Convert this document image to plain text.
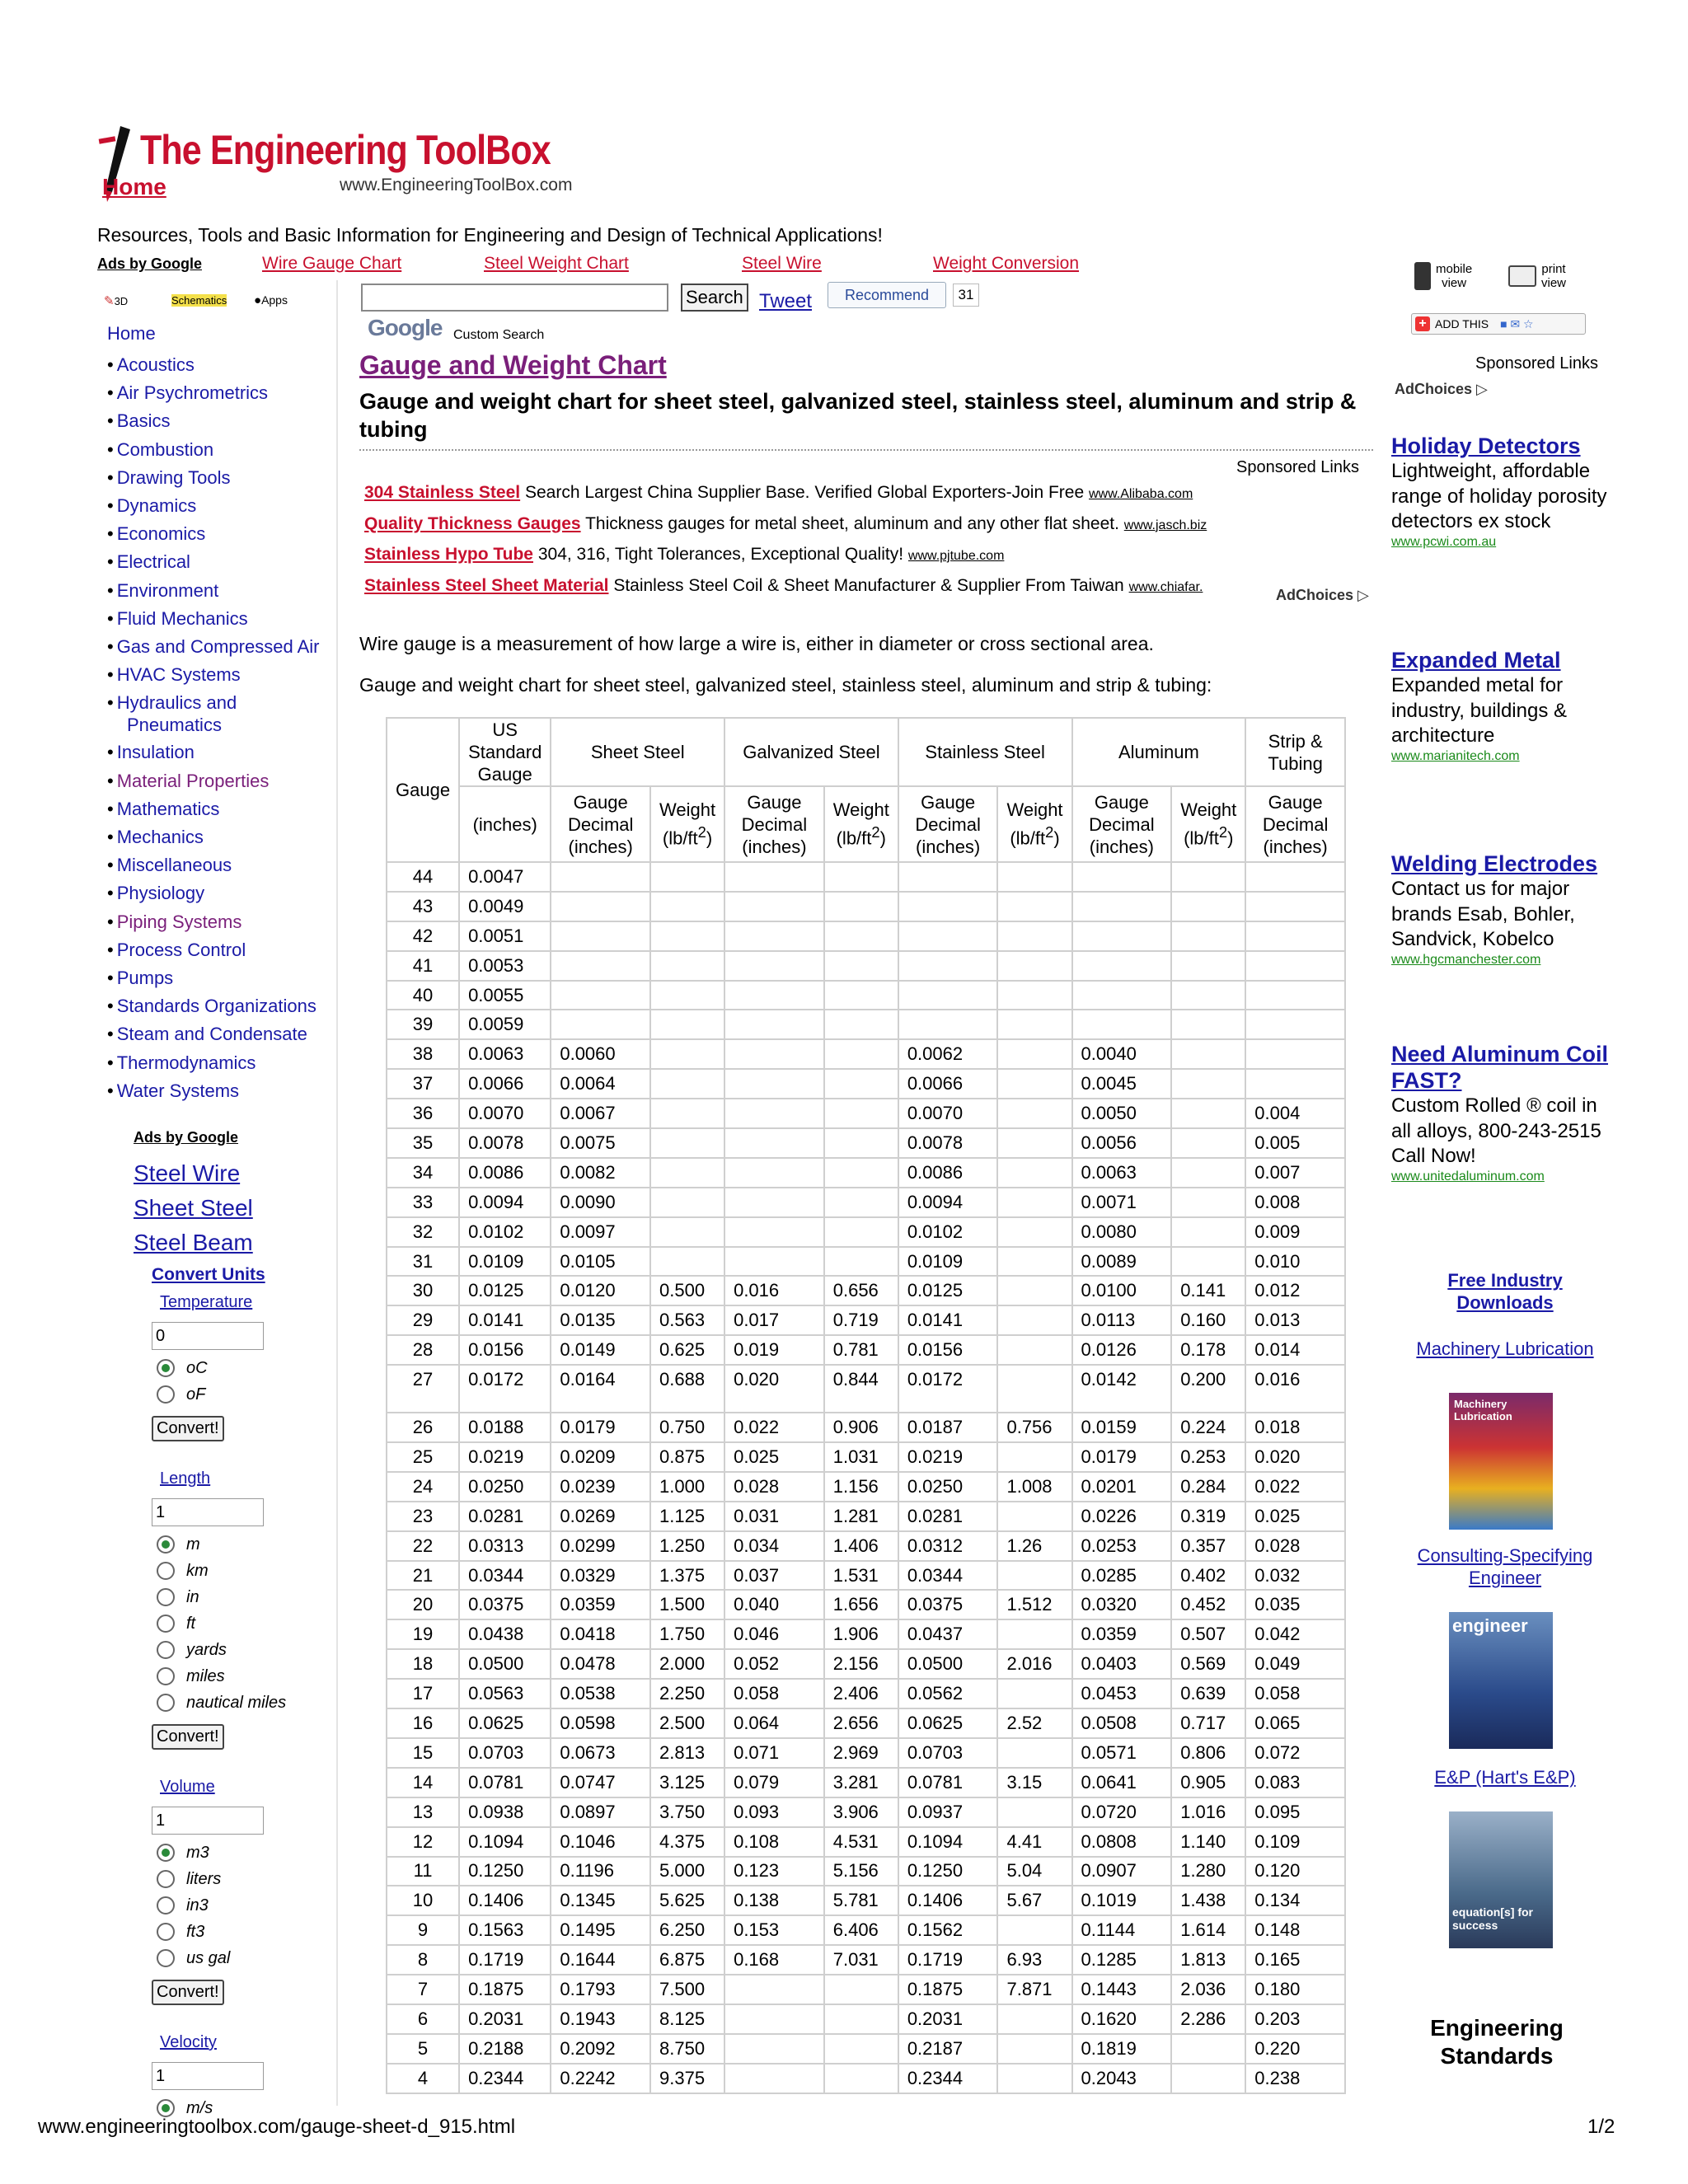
The Engineering ToolBox
Home	www.EngineeringToolBox.com
Resources, Tools and Basic Information for Engineering and Design of Technical Applications!
Ads by Google	Wire Gauge Chart	Steel Weight Chart	Steel Wire	Weight Conversion	mobile
view
print
view
+ ADD THIS ■ ✉ ☆
✎3D	Schematics ●Apps
Home
• Acoustics
• Air Psychrometrics
• Basics
• Combustion
• Drawing Tools
• Dynamics
• Economics
• Electrical
• Environment
• Fluid Mechanics
• Gas and Compressed Air
• HVAC Systems
• Hydraulics and
Pneumatics
• Insulation
• Material Properties
• Mathematics
• Mechanics
• Miscellaneous
• Physiology
• Piping Systems
• Process Control
• Pumps
• Standards Organizations
• Steam and Condensate
• Thermodynamics
• Water Systems
Ads by Google
Steel Wire
Sheet Steel
Steel Beam
Convert Units
Temperature
0
oC
oF
Convert!
Length
1
m
km
in
ft
yards
miles
nautical miles
Convert!
Volume
1
m3
liters
in3
ft3
us gal
Convert!
Velocity
1
m/s
Search Tweet	Recommend	31
Google Custom Search
Gauge and Weight Chart
Gauge and weight chart for sheet steel, galvanized steel, stainless steel, aluminum and strip & tubing
Sponsored Links
304 Stainless Steel Search Largest China Supplier Base. Verified Global Exporters-Join Free www.Alibaba.com
Quality Thickness Gauges Thickness gauges for metal sheet, aluminum and any other flat sheet. www.jasch.biz
Stainless Hypo Tube 304, 316, Tight Tolerances, Exceptional Quality! www.pjtube.com
Stainless Steel Sheet Material Stainless Steel Coil & Sheet Manufacturer & Supplier From Taiwan www.chiafar.	AdChoices ▷
Wire gauge is a measurement of how large a wire is, either in diameter or cross sectional area.
Gauge and weight chart for sheet steel, galvanized steel, stainless steel, aluminum and strip & tubing:
Gauge	US Standard Gauge	Sheet Steel		Galvanized Steel		Stainless Steel		Aluminum		Strip & Tubing
	(inches)	Gauge Decimal (inches)	Weight
$(lb/ft^2)$	Gauge Decimal (inches)	Weight
$(lb/ft^2)$	Gauge Decimal (inches)	Weight
$(lb/ft^2)$	Gauge Decimal (inches)	Weight
$(lb/ft^2)$	Gauge Decimal (inches)
44	0.0047									
43	0.0049									
42	0.0051									
41	0.0053									
40	0.0055									
39	0.0059									
38	0.0063	0.0060				0.0062		0.0040		
37	0.0066	0.0064				0.0066		0.0045		
36	0.0070	0.0067				0.0070		0.0050		0.004
35	0.0078	0.0075				0.0078		0.0056		0.005
34	0.0086	0.0082				0.0086		0.0063		0.007
33	0.0094	0.0090				0.0094		0.0071		0.008
32	0.0102	0.0097				0.0102		0.0080		0.009
31	0.0109	0.0105				0.0109		0.0089		0.010
30	0.0125	0.0120	0.500	0.016	0.656	0.0125		0.0100	0.141	0.012
29	0.0141	0.0135	0.563	0.017	0.719	0.0141		0.0113	0.160	0.013
28	0.0156	0.0149	0.625	0.019	0.781	0.0156		0.0126	0.178	0.014
27	0.0172	0.0164	0.688	0.020	0.844	0.0172		0.0142	0.200	0.016
26	0.0188	0.0179	0.750	0.022	0.906	0.0187	0.756	0.0159	0.224	0.018
25	0.0219	0.0209	0.875	0.025	1.031	0.0219		0.0179	0.253	0.020
24	0.0250	0.0239	1.000	0.028	1.156	0.0250	1.008	0.0201	0.284	0.022
23	0.0281	0.0269	1.125	0.031	1.281	0.0281		0.0226	0.319	0.025
22	0.0313	0.0299	1.250	0.034	1.406	0.0312	1.26	0.0253	0.357	0.028
21	0.0344	0.0329	1.375	0.037	1.531	0.0344		0.0285	0.402	0.032
20	0.0375	0.0359	1.500	0.040	1.656	0.0375	1.512	0.0320	0.452	0.035
19	0.0438	0.0418	1.750	0.046	1.906	0.0437		0.0359	0.507	0.042
18	0.0500	0.0478	2.000	0.052	2.156	0.0500	2.016	0.0403	0.569	0.049
17	0.0563	0.0538	2.250	0.058	2.406	0.0562		0.0453	0.639	0.058
16	0.0625	0.0598	2.500	0.064	2.656	0.0625	2.52	0.0508	0.717	0.065
15	0.0703	0.0673	2.813	0.071	2.969	0.0703		0.0571	0.806	0.072
14	0.0781	0.0747	3.125	0.079	3.281	0.0781	3.15	0.0641	0.905	0.083
13	0.0938	0.0897	3.750	0.093	3.906	0.0937		0.0720	1.016	0.095
12	0.1094	0.1046	4.375	0.108	4.531	0.1094	4.41	0.0808	1.140	0.109
11	0.1250	0.1196	5.000	0.123	5.156	0.1250	5.04	0.0907	1.280	0.120
10	0.1406	0.1345	5.625	0.138	5.781	0.1406	5.67	0.1019	1.438	0.134
9	0.1563	0.1495	6.250	0.153	6.406	0.1562		0.1144	1.614	0.148
8	0.1719	0.1644	6.875	0.168	7.031	0.1719	6.93	0.1285	1.813	0.165
7	0.1875	0.1793	7.500			0.1875	7.871	0.1443	2.036	0.180
6	0.2031	0.1943	8.125			0.2031		0.1620	2.286	0.203
5	0.2188	0.2092	8.750			0.2187		0.1819		0.220
4	0.2344	0.2242	9.375			0.2344		0.2043		0.238
Sponsored Links
AdChoices ▷
Holiday Detectors
Lightweight, affordable range of holiday porosity detectors ex stock
www.pcwi.com.au
Expanded Metal
Expanded metal for industry, buildings & architecture
www.marianitech.com
Welding Electrodes
Contact us for major brands Esab, Bohler, Sandvick, Kobelco
www.hgcmanchester.com
Need Aluminum Coil FAST?
Custom Rolled ® coil in all alloys, 800-243-2515 Call Now!
www.unitedaluminum.com
Free Industry Downloads
Machinery Lubrication
Machinery Lubrication
Consulting-Specifying Engineer
engineer
E&P (Hart's E&P)
equation[s] for success
Engineering Standards
www.engineeringtoolbox.com/gauge-sheet-d_915.html	1/2
